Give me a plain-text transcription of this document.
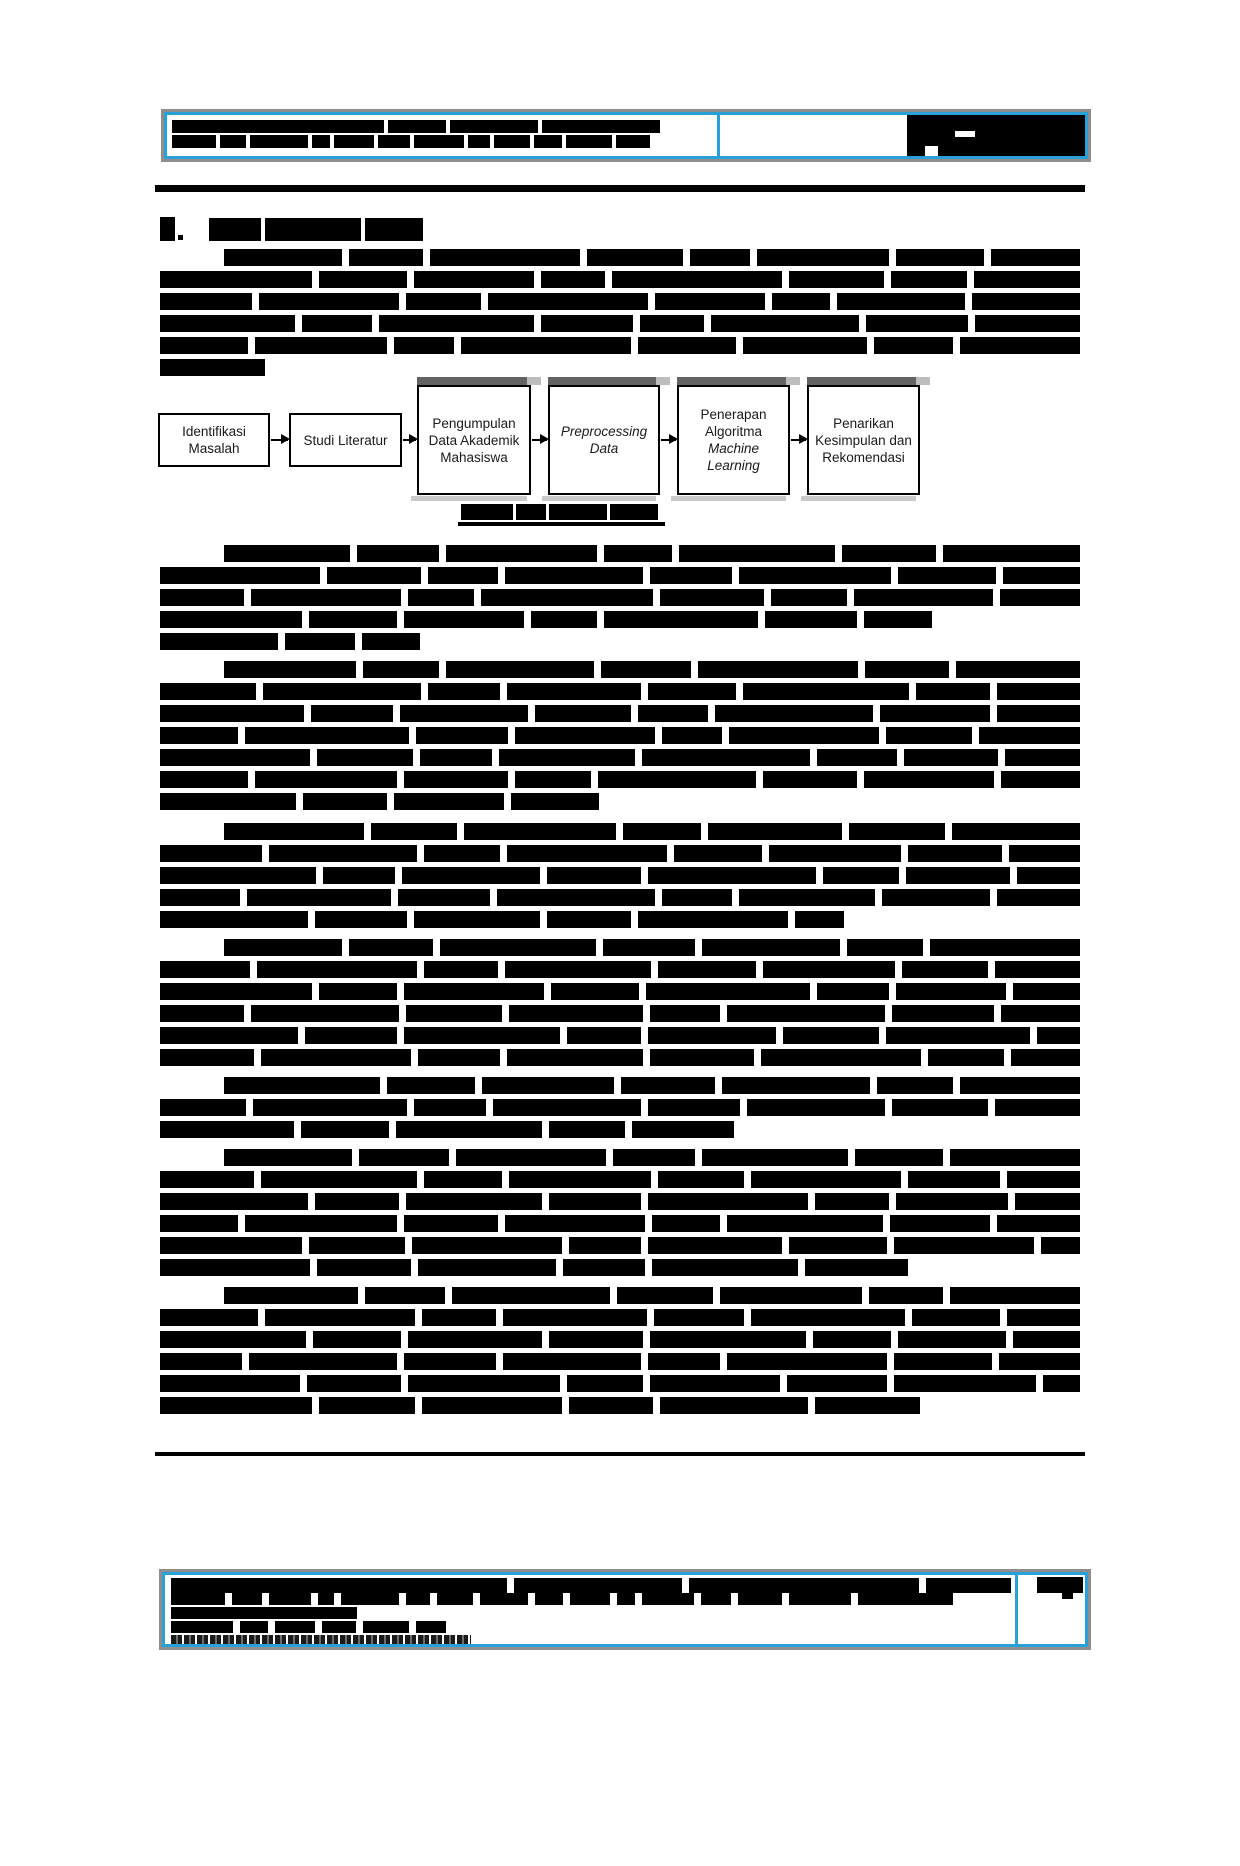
Identifikasi
Masalah
Studi Literatur
Pengumpulan
Data Akademik
Mahasiswa
Preprocessing
Data
Penerapan
Algoritma
Machine
Learning
Penarikan
Kesimpulan dan
Rekomendasi
